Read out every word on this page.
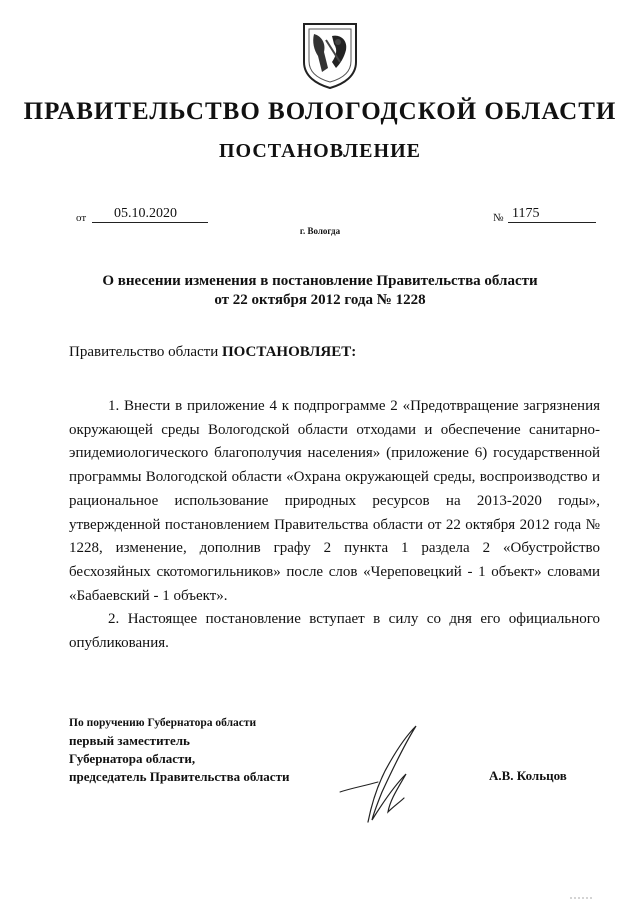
ПРАВИТЕЛЬСТВО ВОЛОГОДСКОЙ ОБЛАСТИ
ПОСТАНОВЛЕНИЕ
от	05.10.2020	№ 1175
г. Вологда
О внесении изменения в постановление Правительства области
от 22 октября 2012 года № 1228
Правительство области ПОСТАНОВЛЯЕТ:

1. Внести в приложение 4 к подпрограмме 2 «Предотвращение загрязнения окружающей среды Вологодской области отходами и обеспечение санитарно-эпидемиологического благополучия населения» (приложение 6) государственной программы Вологодской области «Охрана окружающей среды, воспроизводство и рациональное использование природных ресурсов на 2013-2020 годы», утвержденной постановлением Правительства области от 22 октября 2012 года № 1228, изменение, дополнив графу 2 пункта 1 раздела 2 «Обустройство бесхозяйных скотомогильников» после слов «Череповецкий - 1 объект» словами «Бабаевский - 1 объект».

2. Настоящее постановление вступает в силу со дня его официального опубликования.

По поручению Губернатора области
первый заместитель
Губернатора области,
председатель Правительства области	А.В. Кольцов
